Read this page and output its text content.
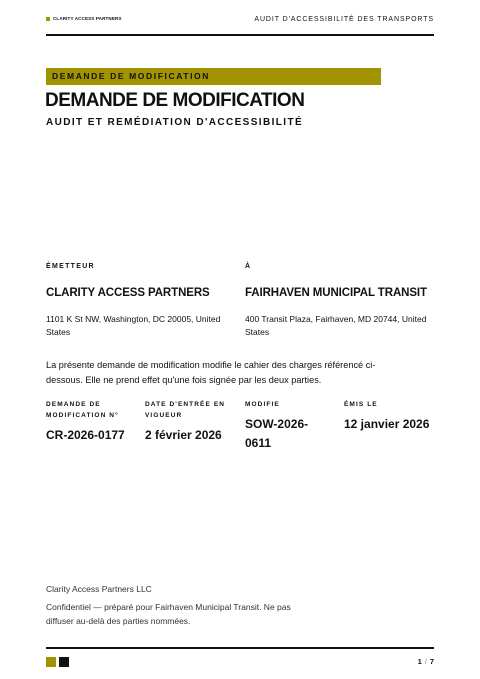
CLARITY ACCESS PARTNERS	AUDIT D'ACCESSIBILITÉ DES TRANSPORTS
DEMANDE DE MODIFICATION
DEMANDE DE MODIFICATION
AUDIT ET REMÉDIATION D'ACCESSIBILITÉ
ÉMETTEUR
CLARITY ACCESS PARTNERS
1101 K St NW, Washington, DC 20005, United States
À
FAIRHAVEN MUNICIPAL TRANSIT
400 Transit Plaza, Fairhaven, MD 20744, United States
La présente demande de modification modifie le cahier des charges référencé ci-dessous. Elle ne prend effet qu'une fois signée par les deux parties.
DEMANDE DE MODIFICATION N°
CR-2026-0177
DATE D'ENTRÉE EN VIGUEUR
2 février 2026
MODIFIE
SOW-2026-0611
ÉMIS LE
12 janvier 2026
Clarity Access Partners LLC
Confidentiel — préparé pour Fairhaven Municipal Transit. Ne pas diffuser au-delà des parties nommées.
1 / 7
